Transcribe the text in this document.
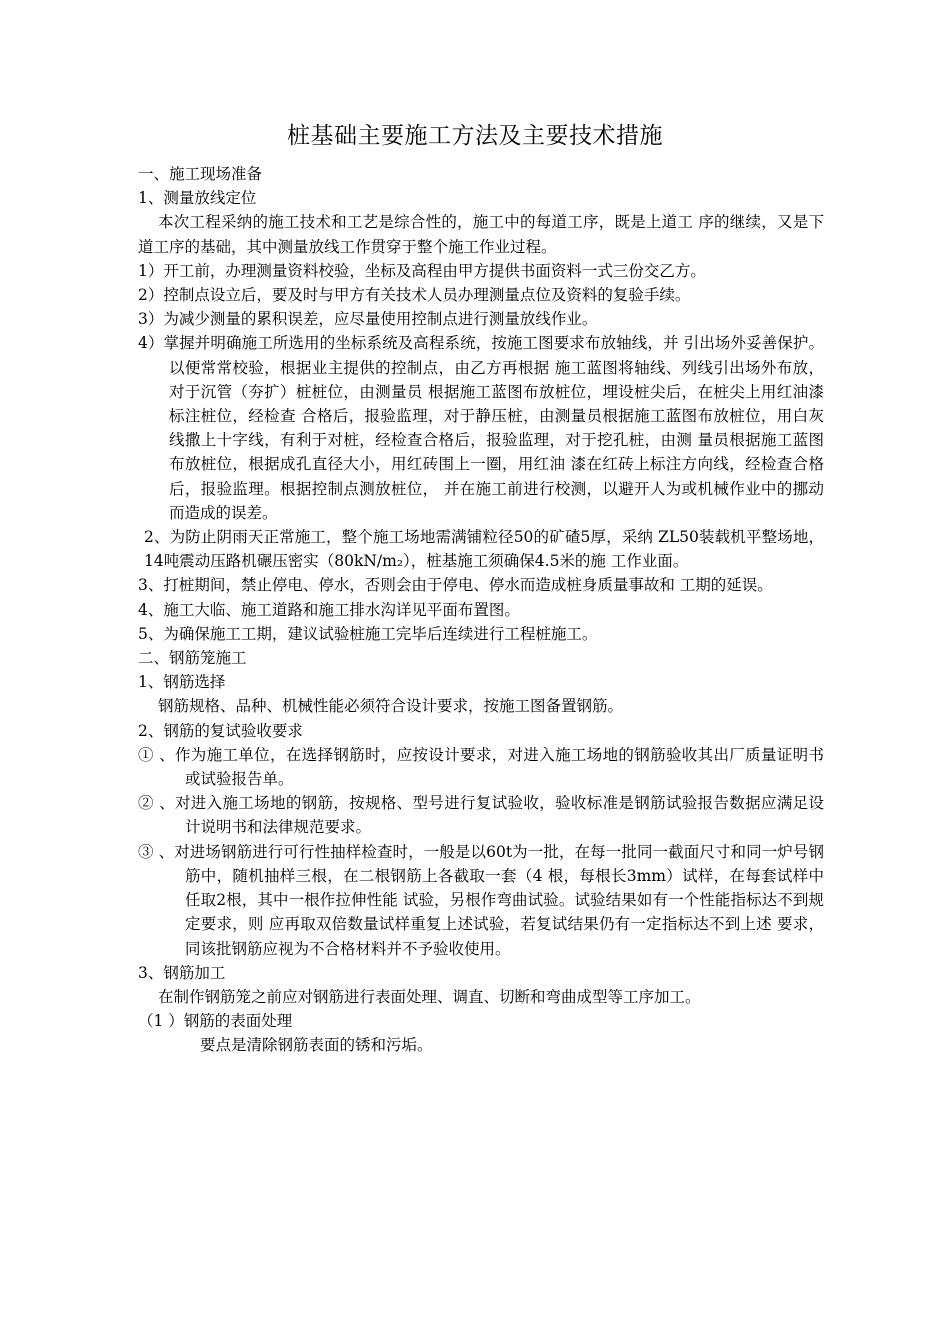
桩基础主要施工方法及主要技术措施

一、施工现场准备

1、测量放线定位

本次工程采纳的施工技术和工艺是综合性的，施工中的每道工序，既是上道工 序的继续，又是下道工序的基础，其中测量放线工作贯穿于整个施工作业过程。

1）开工前，办理测量资料校验，坐标及高程由甲方提供书面资料一式三份交乙方。

2）控制点设立后，要及时与甲方有关技术人员办理测量点位及资料的复验手续。

3）为减少测量的累积误差，应尽量使用控制点进行测量放线作业。

4）掌握并明确施工所选用的坐标系统及高程系统，按施工图要求布放轴线，并 引出场外妥善保护。以便常常校验，根据业主提供的控制点，由乙方再根据 施工蓝图将轴线、列线引出场外布放，对于沉管（夯扩）桩桩位，由测量员 根据施工蓝图布放桩位，埋设桩尖后，在桩尖上用红油漆标注桩位，经检查 合格后，报验监理，对于静压桩，由测量员根据施工蓝图布放桩位，用白灰 线撒上十字线，有利于对桩，经检查合格后，报验监理，对于挖孔桩，由测 量员根据施工蓝图布放桩位，根据成孔直径大小，用红砖围上一圈，用红油 漆在红砖上标注方向线，经检查合格后，报验监理。根据控制点测放桩位， 并在施工前进行校测，以避开人为或机械作业中的挪动而造成的误差。

2、为防止阴雨天正常施工，整个施工场地需满铺粒径50的矿碴5厚，采纳 ZL50装载机平整场地，14吨震动压路机碾压密实（80kN/m₂），桩基施工须确保4.5米的施 工作业面。

3、打桩期间，禁止停电、停水，否则会由于停电、停水而造成桩身质量事故和 工期的延误。

4、施工大临、施工道路和施工排水沟详见平面布置图。

5、为确保施工工期，建议试验桩施工完毕后连续进行工程桩施工。

二、钢筋笼施工

1、钢筋选择

钢筋规格、品种、机械性能必须符合设计要求，按施工图备置钢筋。

2、钢筋的复试验收要求

① 、作为施工单位，在选择钢筋时，应按设计要求，对进入施工场地的钢筋验收其出厂质量证明书或试验报告单。

② 、对进入施工场地的钢筋，按规格、型号进行复试验收，验收标准是钢筋试验报告数据应满足设计说明书和法律规范要求。

③ 、对进场钢筋进行可行性抽样检查时，一般是以60t为一批，在每一批同一截面尺寸和同一炉号钢筋中，随机抽样三根，在二根钢筋上各截取一套（4 根，每根长3mm）试样，在每套试样中任取2根，其中一根作拉伸性能 试验，另根作弯曲试验。试验结果如有一个性能指标达不到规定要求，则 应再取双倍数量试样重复上述试验，若复试结果仍有一定指标达不到上述 要求，同该批钢筋应视为不合格材料并不予验收使用。

3、钢筋加工

在制作钢筋笼之前应对钢筋进行表面处理、调直、切断和弯曲成型等工序加工。

（1 ）钢筋的表面处理

要点是清除钢筋表面的锈和污垢。
